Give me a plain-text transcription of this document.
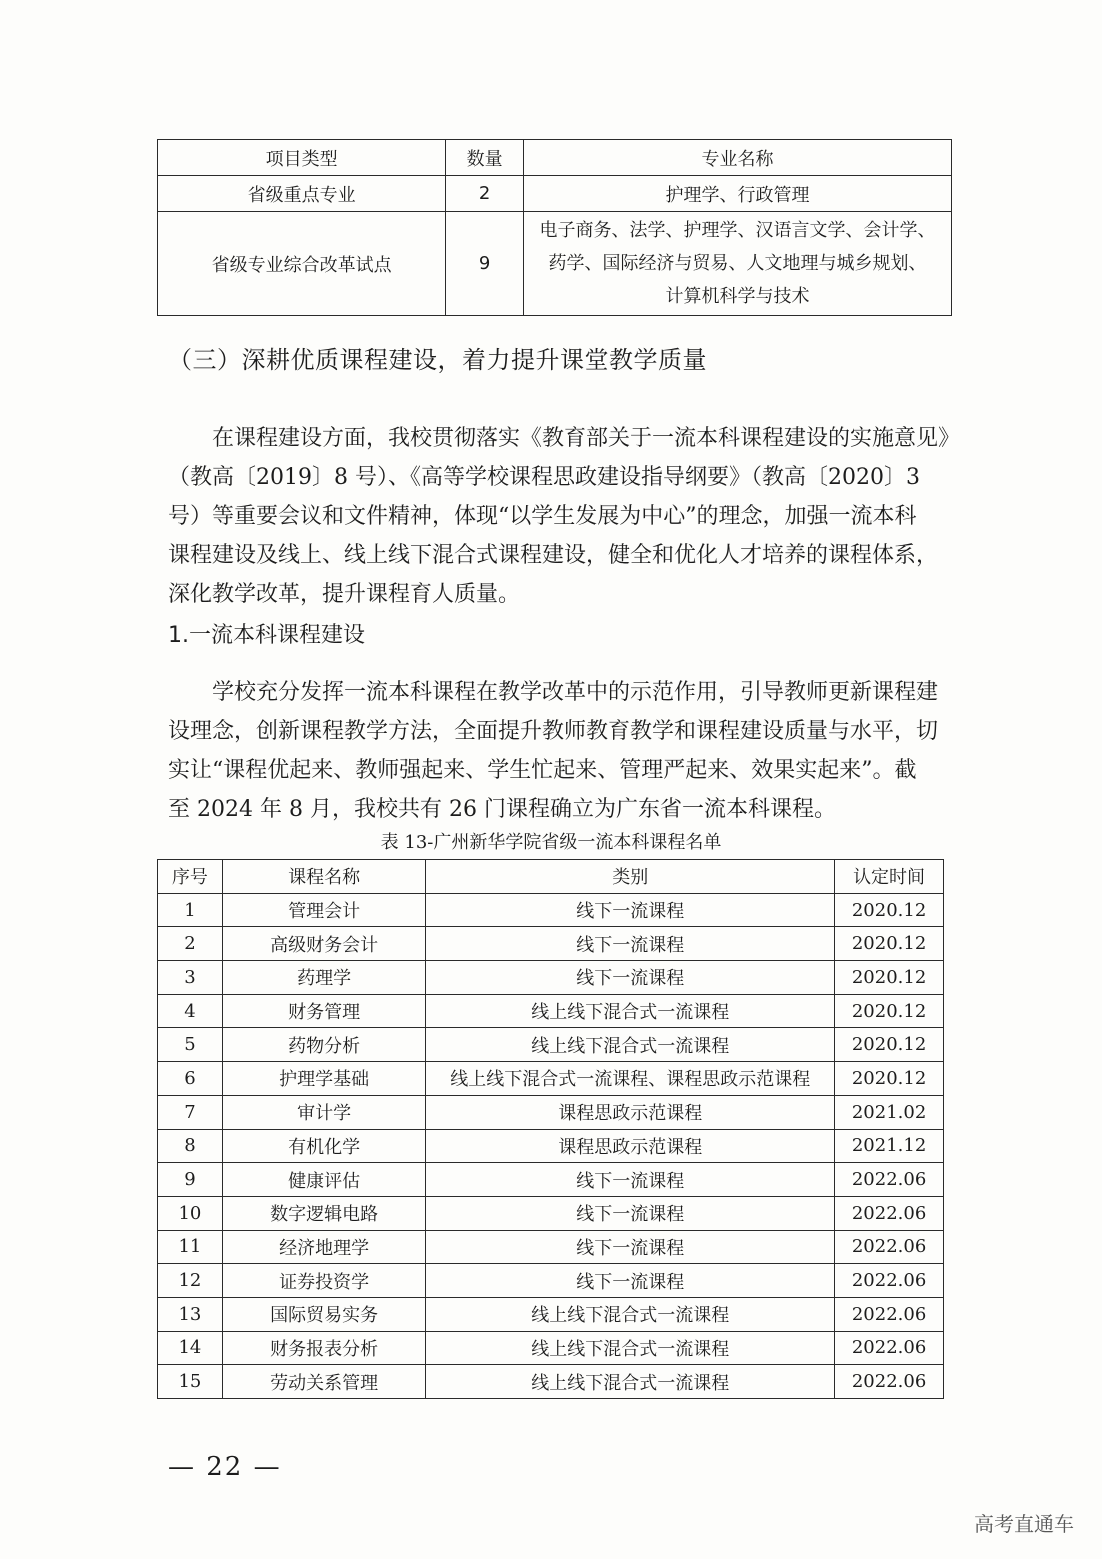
项目类型	数量	专业名称
省级重点专业	2	护理学、行政管理
省级专业综合改革试点	9	电子商务、法学、护理学、汉语言文学、会计学、
药学、国际经济与贸易、人文地理与城乡规划、
计算机科学与技术
（三）深耕优质课程建设，着力提升课堂教学质量
在课程建设方面，我校贯彻落实《教育部关于一流本科课程建设的实施意见》
（教高〔2019〕8 号）、《高等学校课程思政建设指导纲要》（教高〔2020〕3
号）等重要会议和文件精神，体现“以学生发展为中心”的理念，加强一流本科
课程建设及线上、线上线下混合式课程建设，健全和优化人才培养的课程体系，
深化教学改革，提升课程育人质量。
1.一流本科课程建设
学校充分发挥一流本科课程在教学改革中的示范作用，引导教师更新课程建
设理念，创新课程教学方法，全面提升教师教育教学和课程建设质量与水平，切
实让“课程优起来、教师强起来、学生忙起来、管理严起来、效果实起来”。截
至 2024 年 8 月，我校共有 26 门课程确立为广东省一流本科课程。
表 13-广州新华学院省级一流本科课程名单
序号	课程名称	类别	认定时间
1	管理会计	线下一流课程	2020.12
2	高级财务会计	线下一流课程	2020.12
3	药理学	线下一流课程	2020.12
4	财务管理	线上线下混合式一流课程	2020.12
5	药物分析	线上线下混合式一流课程	2020.12
6	护理学基础	线上线下混合式一流课程、课程思政示范课程	2020.12
7	审计学	课程思政示范课程	2021.02
8	有机化学	课程思政示范课程	2021.12
9	健康评估	线下一流课程	2022.06
10	数字逻辑电路	线下一流课程	2022.06
11	经济地理学	线下一流课程	2022.06
12	证券投资学	线下一流课程	2022.06
13	国际贸易实务	线上线下混合式一流课程	2022.06
14	财务报表分析	线上线下混合式一流课程	2022.06
15	劳动关系管理	线上线下混合式一流课程	2022.06
— 22 —
高考直通车
